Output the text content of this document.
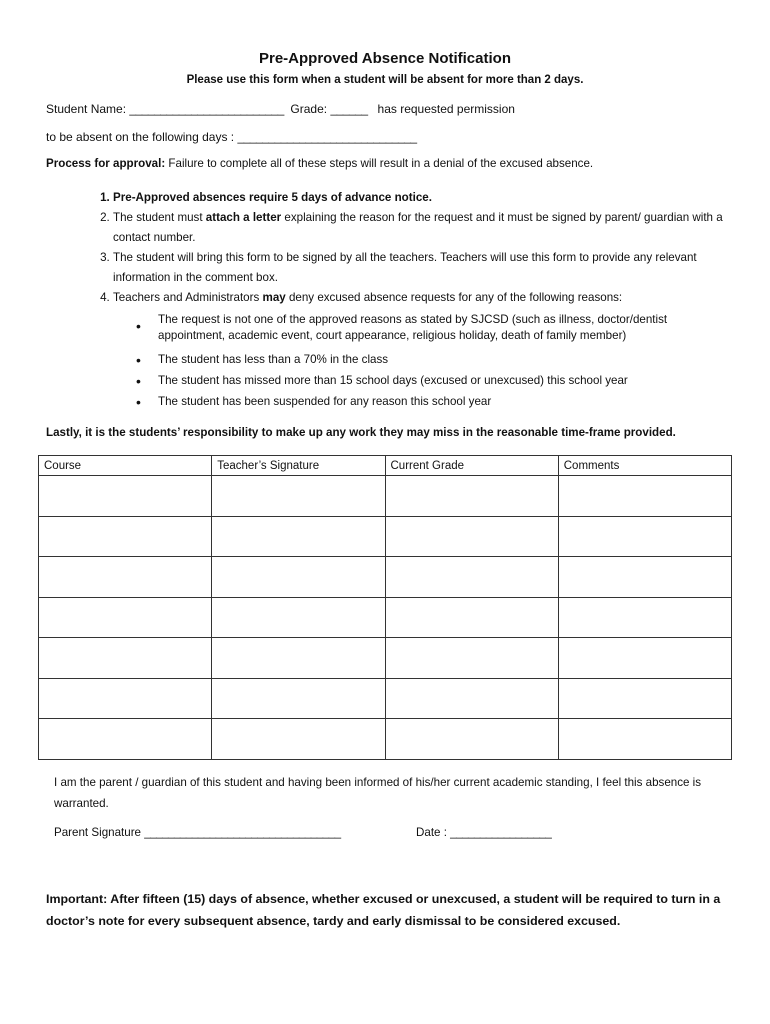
Pre-Approved Absence Notification
Please use this form when a student will be absent for more than 2 days.
Student Name: _________________________ Grade: ______ has requested permission
to be absent on the following days : _____________________________
Process for approval: Failure to complete all of these steps will result in a denial of the excused absence.
1. Pre-Approved absences require 5 days of advance notice.
2. The student must attach a letter explaining the reason for the request and it must be signed by parent/ guardian with a contact number.
3. The student will bring this form to be signed by all the teachers. Teachers will use this form to provide any relevant information in the comment box.
4. Teachers and Administrators may deny excused absence requests for any of the following reasons:
• The request is not one of the approved reasons as stated by SJCSD (such as illness, doctor/dentist appointment, academic event, court appearance, religious holiday, death of family member)
• The student has less than a 70% in the class
• The student has missed more than 15 school days (excused or unexcused) this school year
• The student has been suspended for any reason this school year
Lastly, it is the students’ responsibility to make up any work they may miss in the reasonable time-frame provided.
Course	Teacher’s Signature	Current Grade	Comments

I am the parent / guardian of this student and having been informed of his/her current academic standing, I feel this absence is warranted.
Parent Signature _________________________________	Date : _________________
Important: After fifteen (15) days of absence, whether excused or unexcused, a student will be required to turn in a doctor’s note for every subsequent absence, tardy and early dismissal to be considered excused.
